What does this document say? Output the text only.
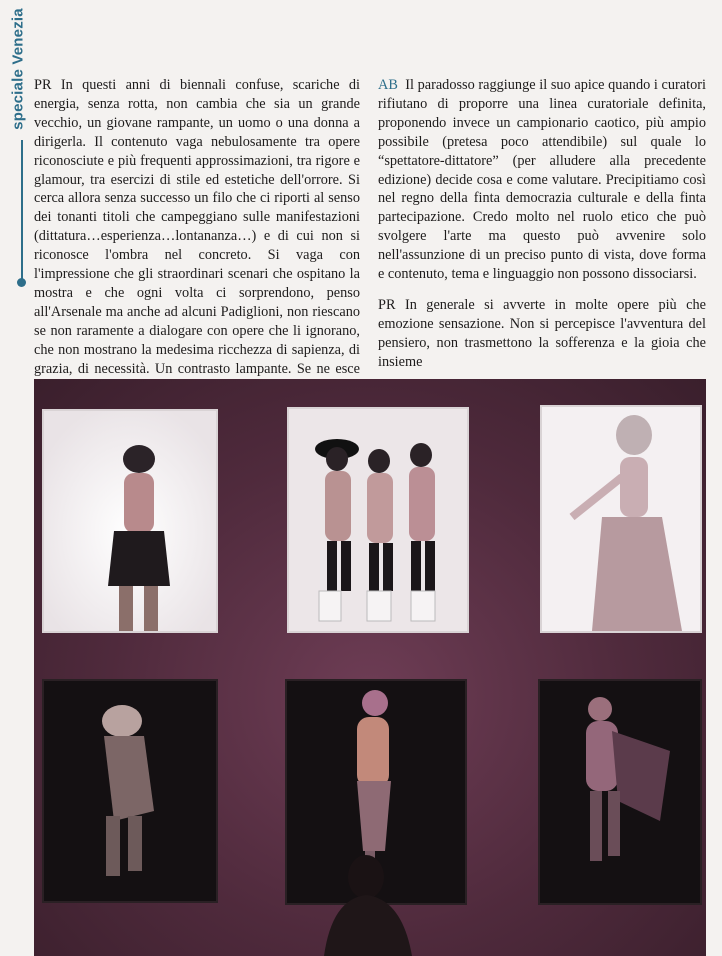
speciale Venezia PR In questi anni di biennali confuse, scariche di energia, senza rotta, non cambia che sia un grande vecchio, un giovane rampante, un uomo o una donna a dirigerla. Il contenuto vaga nebulosamente tra opere riconosciute e più frequenti approssimazioni, tra rigore e glamour, tra esercizi di stile ed estetiche dell'orrore. Si cerca allora senza successo un filo che ci riporti al senso dei tonanti titoli che campeggiano sulle manifestazioni (dittatura…esperienza…lontananza…) e di cui non si riconosce l'ombra nel concreto. Si vaga con l'impressione che gli straordinari scenari che ospitano la mostra e che ogni volta ci sorprendono, penso all'Arsenale ma anche ad alcuni Padiglioni, non riescano se non raramente a dialogare con opere che li ignorano, che non mostrano la medesima ricchezza di sapienza, di grazia, di necessità. Un contrasto lampante. Se ne esce

AB Il paradosso raggiunge il suo apice quando i curatori rifiutano di proporre una linea curatoriale definita, proponendo invece un campionario caotico, più ampio possibile (pretesa poco attendibile) sul quale lo “spettatore-dittatore” (per alludere alla precedente edizione) decide cosa e come valutare. Precipitiamo così nel regno della finta democrazia culturale e della finta partecipazione. Credo molto nel ruolo etico che può svolgere l'arte ma questo può avvenire solo nell'assunzione di un preciso punto di vista, dove forma e contenuto, tema e linguaggio non possono dissociarsi.

PR In generale si avverte in molte opere più che emozione sensazione. Non si percepisce l'avventura del pensiero, non trasmettono la sofferenza e la gioia che insieme
